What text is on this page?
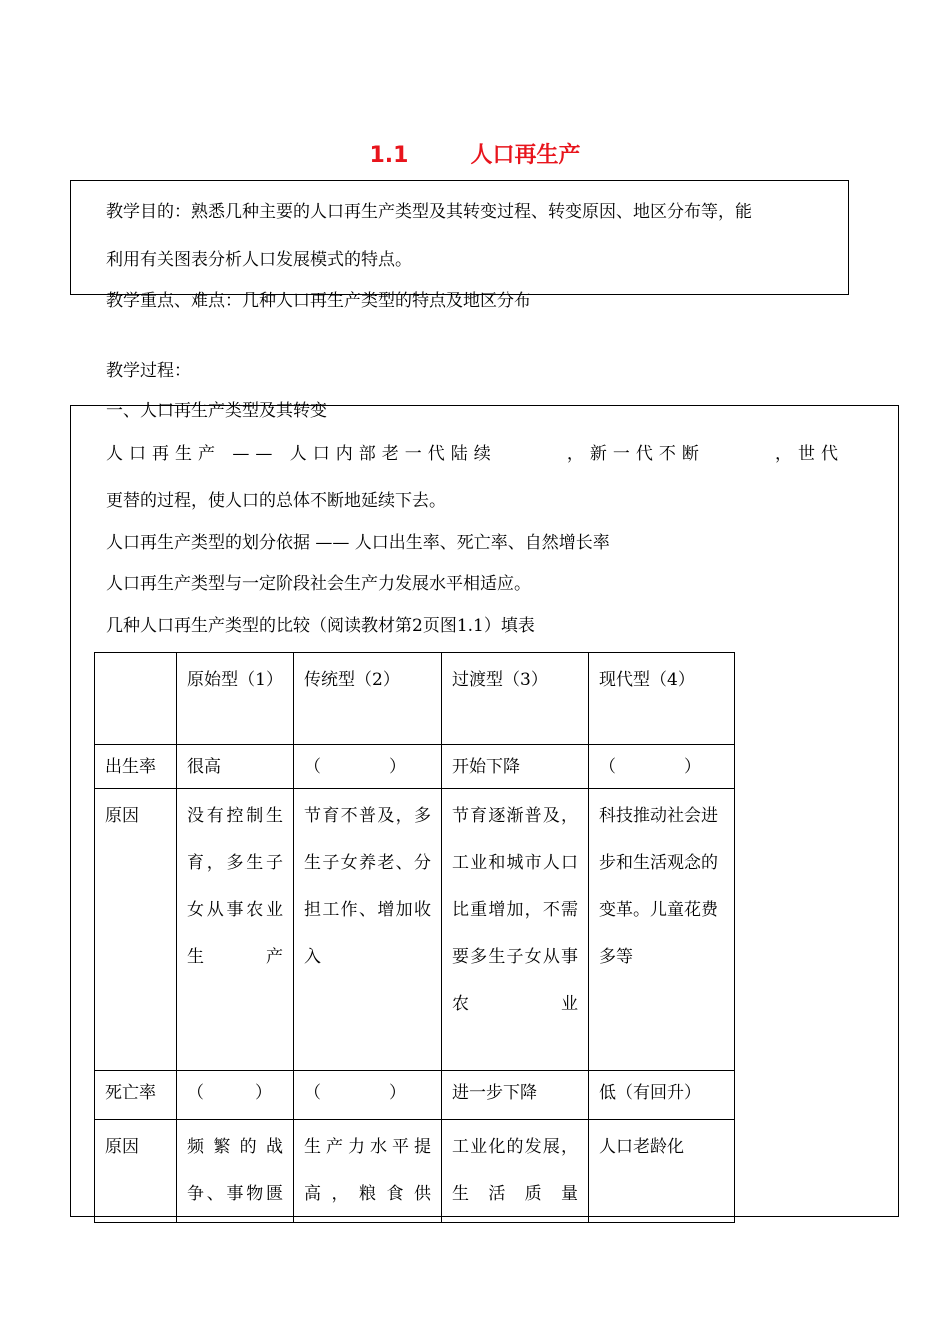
1.1	人口再生产
教学目的：熟悉几种主要的人口再生产类型及其转变过程、转变原因、地区分布等，能
利用有关图表分析人口发展模式的特点。
教学重点、难点：几种人口再生产类型的特点及地区分布
教学过程：
一、人口再生产类型及其转变
人口再生产 —— 人口内部老一代陆续	，新一代不断	，世代
更替的过程，使人口的总体不断地延续下去。
人口再生产类型的划分依据 —— 人口出生率、死亡率、自然增长率
人口再生产类型与一定阶段社会生产力发展水平相适应。
几种人口再生产类型的比较（阅读教材第2页图1.1）填表
	原始型（1）	传统型（2）	过渡型（3）	现代型（4）
出生率	很高	（　　　　）	开始下降	（　　　　）
原因	没有控制生育，多生子女从事农业生产	节育不普及，多生子女养老、分担工作、增加收入	节育逐渐普及，工业和城市人口比重增加，不需要多生子女从事农业	科技推动社会进步和生活观念的变革。儿童花费多等
死亡率	（　　　）	（　　　　）	进一步下降	低（有回升）
原因	频繁的战争、事物匮	生产力水平提高，粮食供	工业化的发展，生活质量	人口老龄化
